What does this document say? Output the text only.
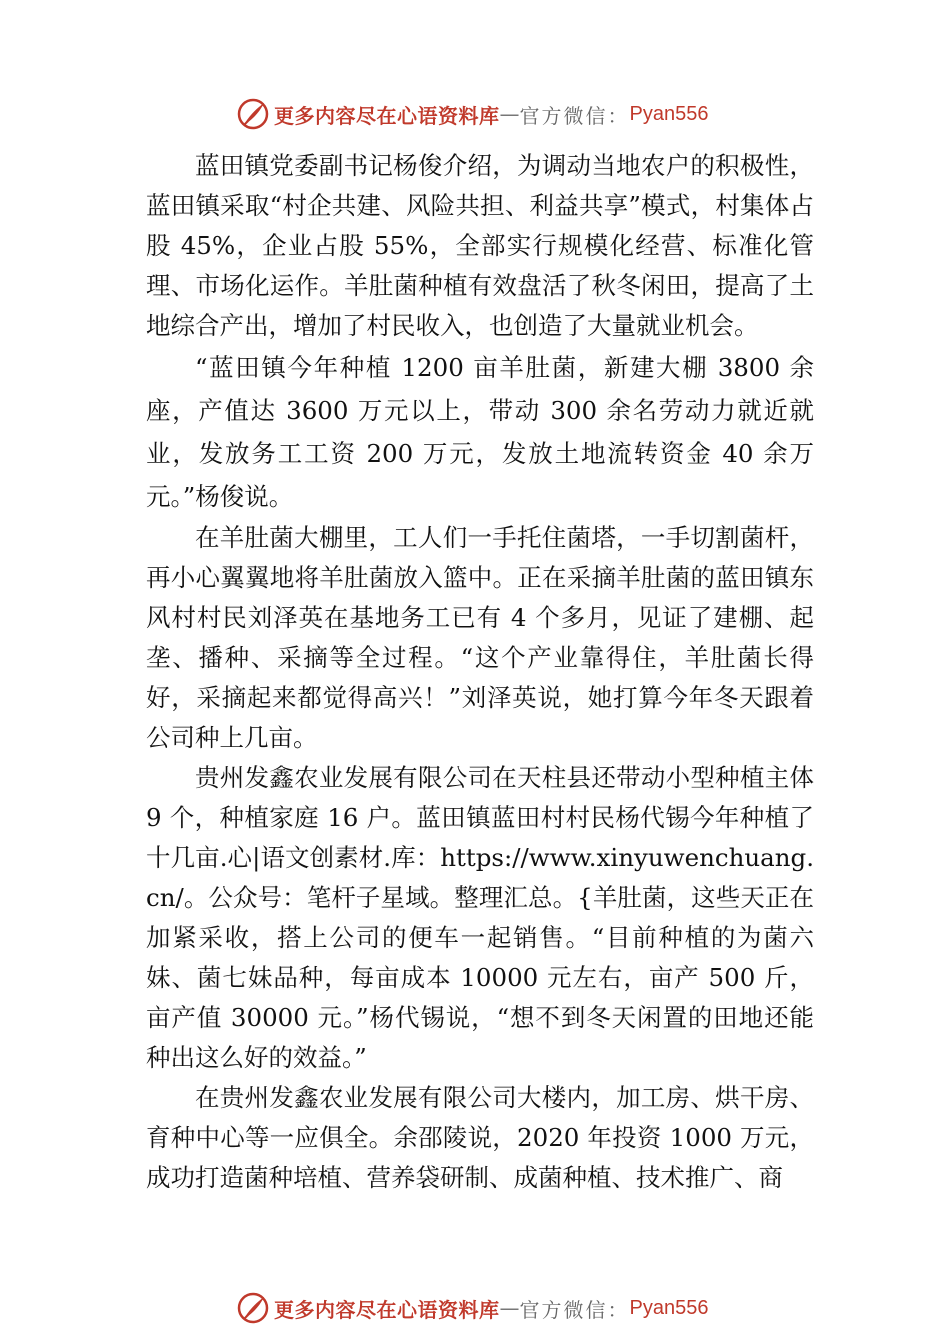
更多内容尽在心语资料库 — 官方微信： Pyan556

蓝田镇党委副书记杨俊介绍，为调动当地农户的积极性，蓝田镇采取“村企共建、风险共担、利益共享”模式，村集体占股 45%，企业占股 55%，全部实行规模化经营、标准化管理、市场化运作。羊肚菌种植有效盘活了秋冬闲田，提高了土地综合产出，增加了村民收入，也创造了大量就业机会。

“蓝田镇今年种植 1200 亩羊肚菌，新建大棚 3800 余座，产值达 3600 万元以上，带动 300 余名劳动力就近就业，发放务工工资 200 万元，发放土地流转资金 40 余万元。”杨俊说。

在羊肚菌大棚里，工人们一手托住菌塔，一手切割菌杆，再小心翼翼地将羊肚菌放入篮中。正在采摘羊肚菌的蓝田镇东风村村民刘泽英在基地务工已有 4 个多月，见证了建棚、起垄、播种、采摘等全过程。“这个产业靠得住，羊肚菌长得好，采摘起来都觉得高兴！”刘泽英说，她打算今年冬天跟着公司种上几亩。

贵州发鑫农业发展有限公司在天柱县还带动小型种植主体 9 个，种植家庭 16 户。蓝田镇蓝田村村民杨代锡今年种植了十几亩.心|语文创素材.库：https://www.xinyuwenchuang.cn/。公众号：笔杆子星域。整理汇总。{羊肚菌，这些天正在加紧采收，搭上公司的便车一起销售。“目前种植的为菌六妹、菌七妹品种，每亩成本 10000 元左右，亩产 500 斤，亩产值 30000 元。”杨代锡说，“想不到冬天闲置的田地还能种出这么好的效益。”

在贵州发鑫农业发展有限公司大楼内，加工房、烘干房、育种中心等一应俱全。余邵陵说，2020 年投资 1000 万元，成功打造菌种培植、营养袋研制、成菌种植、技术推广、商

更多内容尽在心语资料库 — 官方微信： Pyan556
